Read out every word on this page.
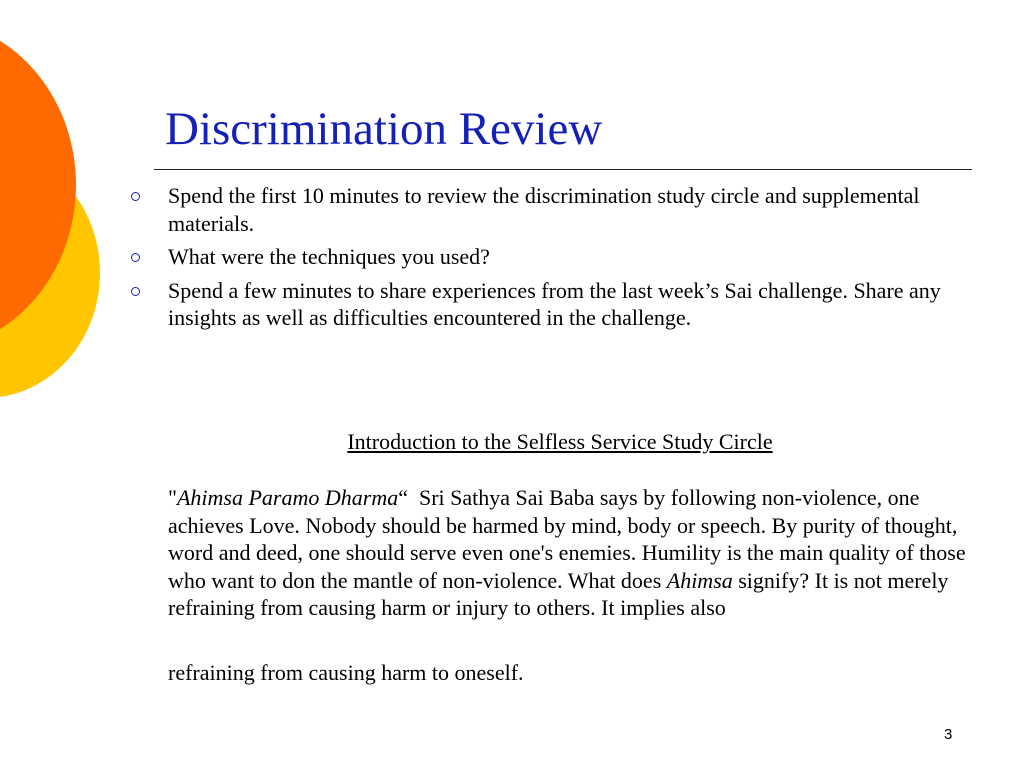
Discrimination Review
Spend the first 10 minutes to review the discrimination study circle and supplemental materials.
What were the techniques you used?
Spend a few minutes to share experiences from the last week’s Sai challenge. Share any insights as well as difficulties encountered in the challenge.

Introduction to the Selfless Service Study Circle

"Ahimsa Paramo Dharma“  Sri Sathya Sai Baba says by following non-violence, one achieves Love. Nobody should be harmed by mind, body or speech. By purity of thought, word and deed, one should serve even one's enemies. Humility is the main quality of those who want to don the mantle of non-violence. What does Ahimsa signify? It is not merely refraining from causing harm or injury to others. It implies also

refraining from causing harm to oneself.

3
